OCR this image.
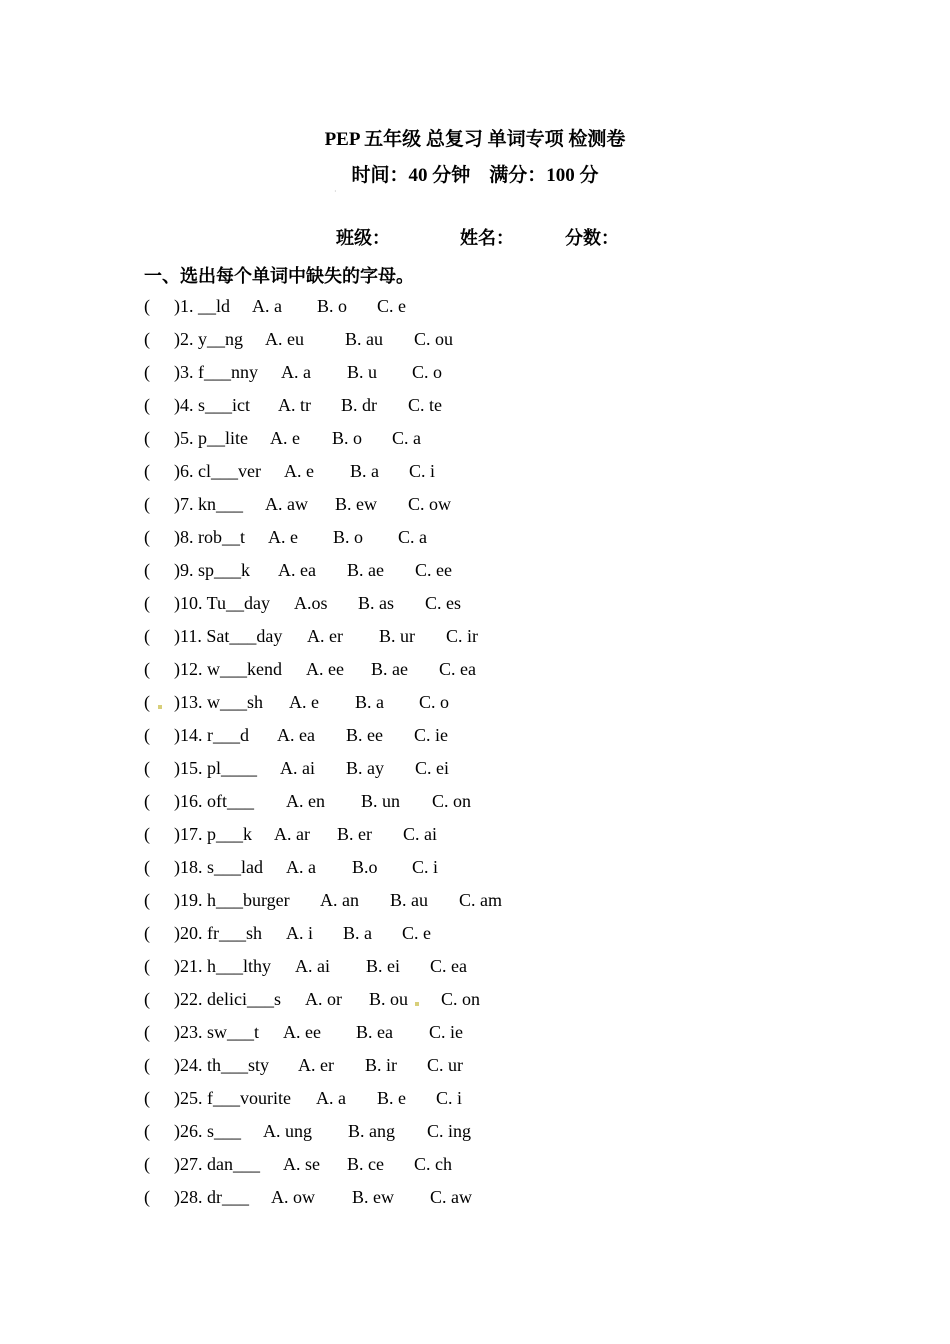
PEP 五年级 总复习 单词专项 检测卷
时间：40 分钟    满分：100 分
·
班级：	姓名：	分数：
一、选出每个单词中缺失的字母。
( )1. __ld A. a B. o C. e
( )2. y__ng A. eu B. au C. ou
( )3. f___nny A. a B. u C. o
( )4. s___ict A. tr B. dr C. te
( )5. p__lite A. e B. o C. a
( )6. cl___ver A. e B. a C. i
( )7. kn___ A. aw B. ew C. ow
( )8. rob__t A. e B. o C. a
( )9. sp___k A. ea B. ae C. ee
( )10. Tu__day A.os B. as C. es
( )11. Sat___day A. er B. ur C. ir
( )12. w___kend A. ee B. ae C. ea
( )13. w___sh A. e B. a C. o
( )14. r___d A. ea B. ee C. ie
( )15. pl____ A. ai B. ay C. ei
( )16. oft___ A. en B. un C. on
( )17. p___k A. ar B. er C. ai
( )18. s___lad A. a B.o C. i
( )19. h___burger A. an B. au C. am
( )20. fr___sh A. i B. a C. e
( )21. h___lthy A. ai B. ei C. ea
( )22. delici___s A. or B. ou C. on
( )23. sw___t A. ee B. ea C. ie
( )24. th___sty A. er B. ir C. ur
( )25. f___vourite A. a B. e C. i
( )26. s___ A. ung B. ang C. ing
( )27. dan___ A. se B. ce C. ch
( )28. dr___ A. ow B. ew C. aw
